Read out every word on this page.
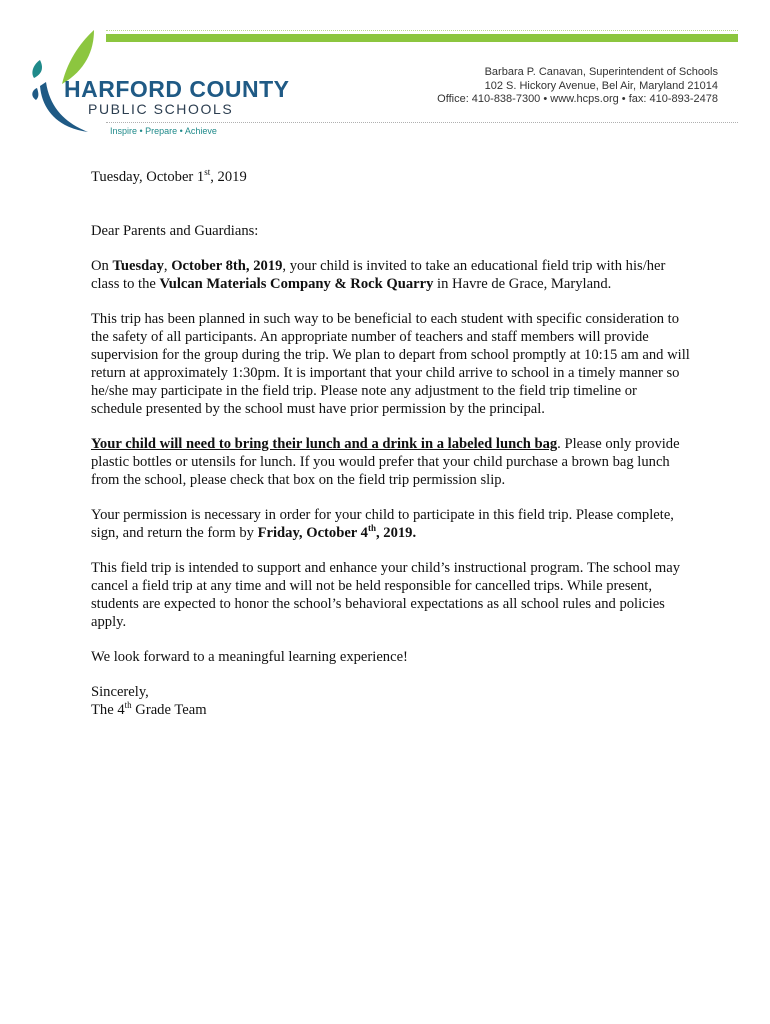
HARFORD COUNTY
PUBLIC SCHOOLS
Inspire • Prepare • Achieve
Barbara P. Canavan, Superintendent of Schools
102 S. Hickory Avenue, Bel Air, Maryland 21014
Office: 410-838-7300 • www.hcps.org • fax: 410-893-2478

Tuesday, October 1st, 2019

Dear Parents and Guardians:

On Tuesday, October 8th, 2019, your child is invited to take an educational field trip with his/her class to the Vulcan Materials Company & Rock Quarry in Havre de Grace, Maryland.

This trip has been planned in such way to be beneficial to each student with specific consideration to the safety of all participants. An appropriate number of teachers and staff members will provide supervision for the group during the trip. We plan to depart from school promptly at 10:15 am and will return at approximately 1:30pm. It is important that your child arrive to school in a timely manner so he/she may participate in the field trip. Please note any adjustment to the field trip timeline or schedule presented by the school must have prior permission by the principal.

Your child will need to bring their lunch and a drink in a labeled lunch bag. Please only provide plastic bottles or utensils for lunch. If you would prefer that your child purchase a brown bag lunch from the school, please check that box on the field trip permission slip.

Your permission is necessary in order for your child to participate in this field trip. Please complete, sign, and return the form by Friday, October 4th, 2019.

This field trip is intended to support and enhance your child’s instructional program. The school may cancel a field trip at any time and will not be held responsible for cancelled trips. While present, students are expected to honor the school’s behavioral expectations as all school rules and policies apply.

We look forward to a meaningful learning experience!

Sincerely,
The 4th Grade Team
